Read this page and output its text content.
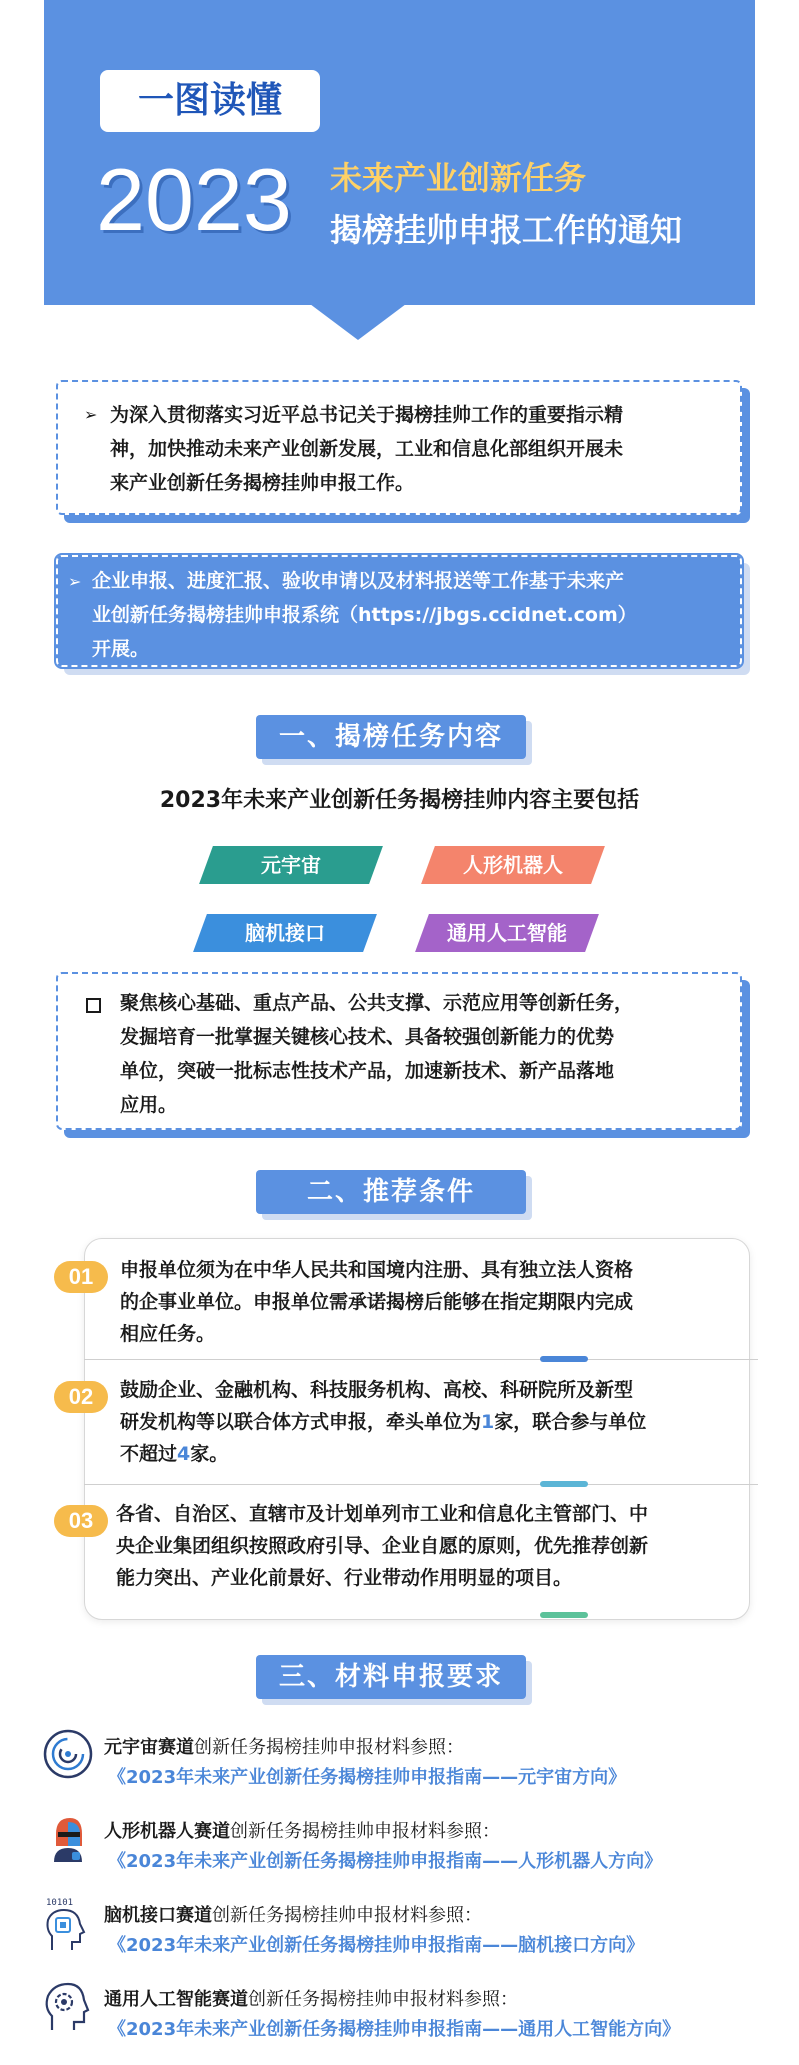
一图读懂
2023	未来产业创新任务
揭榜挂帅申报工作的通知
➢ 为深入贯彻落实习近平总书记关于揭榜挂帅工作的重要指示精
神，加快推动未来产业创新发展，工业和信息化部组织开展未
来产业创新任务揭榜挂帅申报工作。
➢ 企业申报、进度汇报、验收申请以及材料报送等工作基于未来产
业创新任务揭榜挂帅申报系统（https://jbgs.ccidnet.com）
开展。
一、揭榜任务内容
2023年未来产业创新任务揭榜挂帅内容主要包括
元宇宙	人形机器人
脑机接口	通用人工智能
聚焦核心基础、重点产品、公共支撑、示范应用等创新任务，
发掘培育一批掌握关键核心技术、具备较强创新能力的优势
单位，突破一批标志性技术产品，加速新技术、新产品落地
应用。
二、推荐条件
01	申报单位须为在中华人民共和国境内注册、具有独立法人资格
的企事业单位。申报单位需承诺揭榜后能够在指定期限内完成
相应任务。
02	鼓励企业、金融机构、科技服务机构、高校、科研院所及新型
研发机构等以联合体方式申报，牵头单位为1家，联合参与单位
不超过4家。
03	各省、自治区、直辖市及计划单列市工业和信息化主管部门、中
央企业集团组织按照政府引导、企业自愿的原则，优先推荐创新
能力突出、产业化前景好、行业带动作用明显的项目。
三、材料申报要求
元宇宙赛道创新任务揭榜挂帅申报材料参照：
《2023年未来产业创新任务揭榜挂帅申报指南——元宇宙方向》
人形机器人赛道创新任务揭榜挂帅申报材料参照：
《2023年未来产业创新任务揭榜挂帅申报指南——人形机器人方向》
10101
脑机接口赛道创新任务揭榜挂帅申报材料参照：
《2023年未来产业创新任务揭榜挂帅申报指南——脑机接口方向》
通用人工智能赛道创新任务揭榜挂帅申报材料参照：
《2023年未来产业创新任务揭榜挂帅申报指南——通用人工智能方向》
